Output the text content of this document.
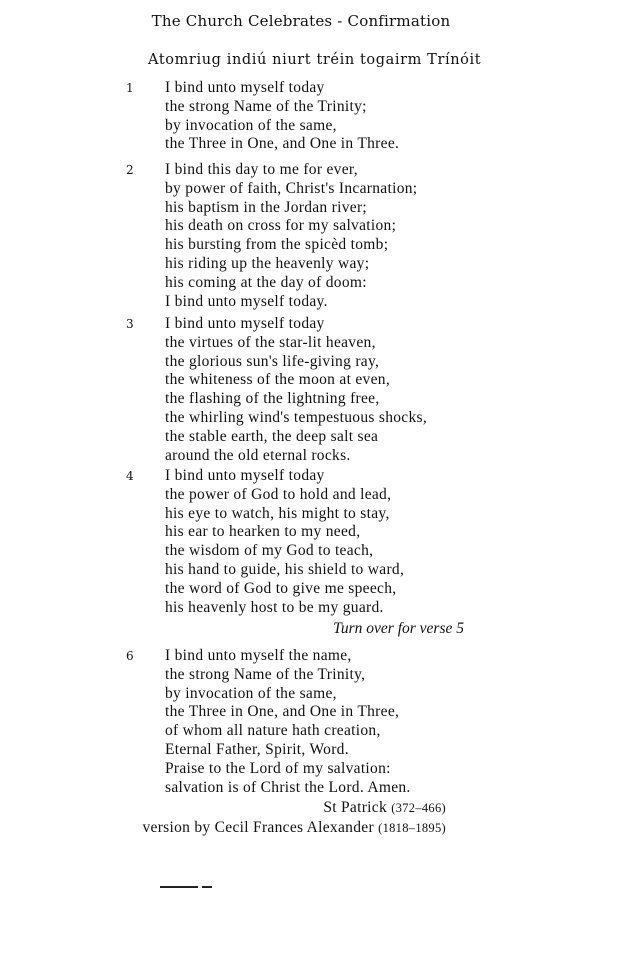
The Church Celebrates - Confirmation
Atomriug indiú niurt tréin togairm Trínóit
1 I bind unto myself today
the strong Name of the Trinity;
by invocation of the same,
the Three in One, and One in Three.
2 I bind this day to me for ever,
by power of faith, Christ's Incarnation;
his baptism in the Jordan river;
his death on cross for my salvation;
his bursting from the spicèd tomb;
his riding up the heavenly way;
his coming at the day of doom:
I bind unto myself today.
3 I bind unto myself today
the virtues of the star-lit heaven,
the glorious sun's life-giving ray,
the whiteness of the moon at even,
the flashing of the lightning free,
the whirling wind's tempestuous shocks,
the stable earth, the deep salt sea
around the old eternal rocks.
4 I bind unto myself today
the power of God to hold and lead,
his eye to watch, his might to stay,
his ear to hearken to my need,
the wisdom of my God to teach,
his hand to guide, his shield to ward,
the word of God to give me speech,
his heavenly host to be my guard.
Turn over for verse 5
6 I bind unto myself the name,
the strong Name of the Trinity,
by invocation of the same,
the Three in One, and One in Three,
of whom all nature hath creation,
Eternal Father, Spirit, Word.
Praise to the Lord of my salvation:
salvation is of Christ the Lord. Amen.
St Patrick (372–466)
version by Cecil Frances Alexander (1818–1895)
